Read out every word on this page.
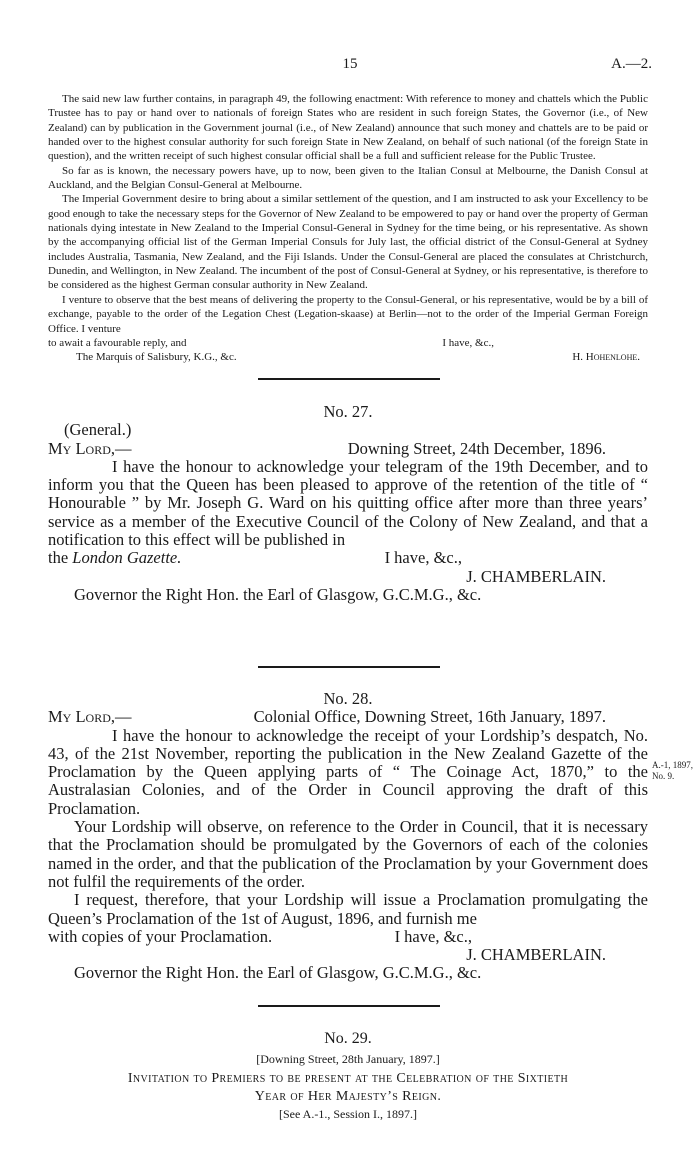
15	A.—2.

The said new law further contains, in paragraph 49, the following enactment: With reference to money and chattels which the Public Trustee has to pay or hand over to nationals of foreign States who are resident in such foreign States, the Governor (i.e., of New Zealand) can by publication in the Government journal (i.e., of New Zealand) announce that such money and chattels are to be paid or handed over to the highest consular authority for such foreign State in New Zealand, on behalf of such national (of the foreign State in question), and the written receipt of such highest consular official shall be a full and sufficient release for the Public Trustee.

So far as is known, the necessary powers have, up to now, been given to the Italian Consul at Melbourne, the Danish Consul at Auckland, and the Belgian Consul-General at Melbourne.

The Imperial Government desire to bring about a similar settlement of the question, and I am instructed to ask your Excellency to be good enough to take the necessary steps for the Governor of New Zealand to be empowered to pay or hand over the property of German nationals dying intestate in New Zealand to the Imperial Consul-General in Sydney for the time being, or his representative. As shown by the accompanying official list of the German Imperial Consuls for July last, the official district of the Consul-General at Sydney includes Australia, Tasmania, New Zealand, and the Fiji Islands. Under the Consul-General are placed the consulates at Christchurch, Dunedin, and Wellington, in New Zealand. The incumbent of the post of Consul-General at Sydney, or his representative, is therefore to be considered as the highest German consular authority in New Zealand.

I venture to observe that the best means of delivering the property to the Consul-General, or his representative, would be by a bill of exchange, payable to the order of the Legation Chest (Legation-skaase) at Berlin—not to the order of the Imperial German Foreign Office. I venture

to await a favourable reply, and	I have, &c.,
The Marquis of Salisbury, K.G., &c.	H. Hohenlohe.

No. 27.

(General.)

My Lord,—	Downing Street, 24th December, 1896.

I have the honour to acknowledge your telegram of the 19th December, and to inform you that the Queen has been pleased to approve of the retention of the title of “ Honourable ” by Mr. Joseph G. Ward on his quitting office after more than three years’ service as a member of the Executive Council of the Colony of New Zealand, and that a notification to this effect will be published in

the London Gazette.	I have, &c.,

J. CHAMBERLAIN.

Governor the Right Hon. the Earl of Glasgow, G.C.M.G., &c.

No. 28.

My Lord,—	Colonial Office, Downing Street, 16th January, 1897.

I have the honour to acknowledge the receipt of your Lordship’s despatch, No. 43, of the 21st November, reporting the publication in the New Zealand Gazette of the Proclamation by the Queen applying parts of “ The Coinage Act, 1870,” to the Australasian Colonies, and of the Order in Council approving the draft of this Proclamation.

Your Lordship will observe, on reference to the Order in Council, that it is necessary that the Proclamation should be promulgated by the Governors of each of the colonies named in the order, and that the publication of the Proclamation by your Government does not fulfil the requirements of the order.

I request, therefore, that your Lordship will issue a Proclamation promulgating the Queen’s Proclamation of the 1st of August, 1896, and furnish me

with copies of your Proclamation.	I have, &c.,

J. CHAMBERLAIN.

Governor the Right Hon. the Earl of Glasgow, G.C.M.G., &c.

A.-1, 1897,
No. 9.
No. 29.
[Downing Street, 28th January, 1897.]
Invitation to Premiers to be present at the Celebration of the Sixtieth
Year of Her Majesty’s Reign.
[See A.-1., Session I., 1897.]
